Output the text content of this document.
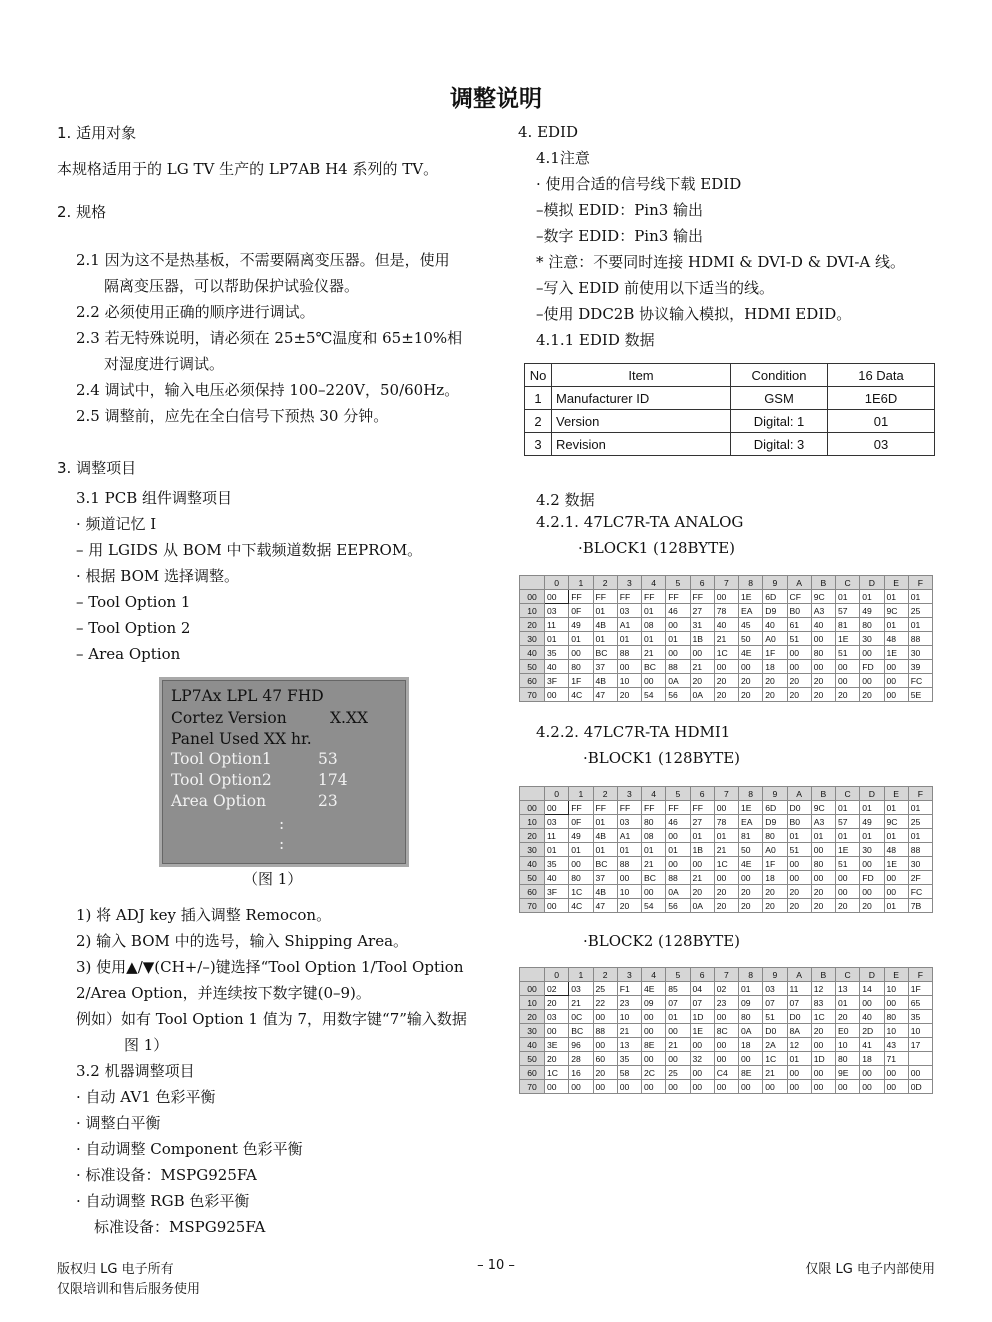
调整说明
1. 适用对象
本规格适用于的 LG TV 生产的 LP7AB H4 系列的 TV。
2. 规格
2.1 因为这不是热基板，不需要隔离变压器。但是，使用
隔离变压器，可以帮助保护试验仪器。
2.2 必须使用正确的顺序进行调试。
2.3 若无特殊说明，请必须在 25±5℃温度和 65±10%相
对湿度进行调试。
2.4 调试中，输入电压必须保持 100–220V，50/60Hz。
2.5 调整前，应先在全白信号下预热 30 分钟。
3. 调整项目
3.1 PCB 组件调整项目
· 频道记忆 I
– 用 LGIDS 从 BOM 中下载频道数据 EEPROM。
· 根据 BOM 选择调整。
– Tool Option 1
– Tool Option 2
– Area Option
LP7Ax LPL 47 FHD
Cortez Version	X.XX
Panel Used XX hr.
Tool Option1	53
Tool Option2	174
Area Option	23
:
:
（图 1）
1) 将 ADJ key 插入调整 Remocon。
2) 输入 BOM 中的选号，输入 Shipping Area。
3) 使用▲/▼(CH+/–)键选择“Tool Option 1/Tool Option
2/Area Option，并连续按下数字键(0–9)。
例如）如有 Tool Option 1 值为 7，用数字键“7”输入数据
图 1）
3.2 机器调整项目
· 自动 AV1 色彩平衡
· 调整白平衡
· 自动调整 Component 色彩平衡
· 标准设备：MSPG925FA
· 自动调整 RGB 色彩平衡
标准设备：MSPG925FA
4. EDID
4.1注意
· 使用合适的信号线下载 EDID
–模拟 EDID：Pin3 输出
–数字 EDID：Pin3 输出
* 注意：不要同时连接 HDMI & DVI-D & DVI-A 线。
–写入 EDID 前使用以下适当的线。
–使用 DDC2B 协议输入模拟，HDMI EDID。
4.1.1 EDID 数据
No	Item	Condition	16 Data
1	Manufacturer ID	GSM	1E6D
2	Version	Digital: 1	01
3	Revision	Digital: 3	03
4.2 数据
4.2.1. 47LC7R-TA ANALOG
·BLOCK1 (128BYTE)
	0	1	2	3	4	5	6	7	8	9	A	B	C	D	E	F
00	00	FF	FF	FF	FF	FF	FF	00	1E	6D	CF	9C	01	01	01	01
10	03	0F	01	03	01	46	27	78	EA	D9	B0	A3	57	49	9C	25
20	11	49	4B	A1	08	00	31	40	45	40	61	40	81	80	01	01
30	01	01	01	01	01	01	1B	21	50	A0	51	00	1E	30	48	88
40	35	00	BC	88	21	00	00	1C	4E	1F	00	80	51	00	1E	30
50	40	80	37	00	BC	88	21	00	00	18	00	00	00	FD	00	39
60	3F	1F	4B	10	00	0A	20	20	20	20	20	20	00	00	00	FC
70	00	4C	47	20	54	56	0A	20	20	20	20	20	20	20	00	5E
4.2.2. 47LC7R-TA HDMI1
·BLOCK1 (128BYTE)
	0	1	2	3	4	5	6	7	8	9	A	B	C	D	E	F
00	00	FF	FF	FF	FF	FF	FF	00	1E	6D	D0	9C	01	01	01	01
10	03	0F	01	03	80	46	27	78	EA	D9	B0	A3	57	49	9C	25
20	11	49	4B	A1	08	00	01	01	81	80	01	01	01	01	01	01
30	01	01	01	01	01	01	1B	21	50	A0	51	00	1E	30	48	88
40	35	00	BC	88	21	00	00	1C	4E	1F	00	80	51	00	1E	30
50	40	80	37	00	BC	88	21	00	00	18	00	00	00	FD	00	2F
60	3F	1C	4B	10	00	0A	20	20	20	20	20	20	00	00	00	FC
70	00	4C	47	20	54	56	0A	20	20	20	20	20	20	20	01	7B
·BLOCK2 (128BYTE)
	0	1	2	3	4	5	6	7	8	9	A	B	C	D	E	F
00	02	03	25	F1	4E	85	04	02	01	03	11	12	13	14	10	1F
10	20	21	22	23	09	07	07	23	09	07	07	83	01	00	00	65
20	03	0C	00	10	00	01	1D	00	80	51	D0	1C	20	40	80	35
30	00	BC	88	21	00	00	1E	8C	0A	D0	8A	20	E0	2D	10	10
40	3E	96	00	13	8E	21	00	00	18	2A	12	00	10	41	43	17
50	20	28	60	35	00	00	32	00	00	1C	01	1D	80	18	71	
60	1C	16	20	58	2C	25	00	C4	8E	21	00	00	9E	00	00	00
70	00	00	00	00	00	00	00	00	00	00	00	00	00	00	00	0D
版权归 LG 电子所有
仅限培训和售后服务使用
– 10 –	仅限 LG 电子内部使用
